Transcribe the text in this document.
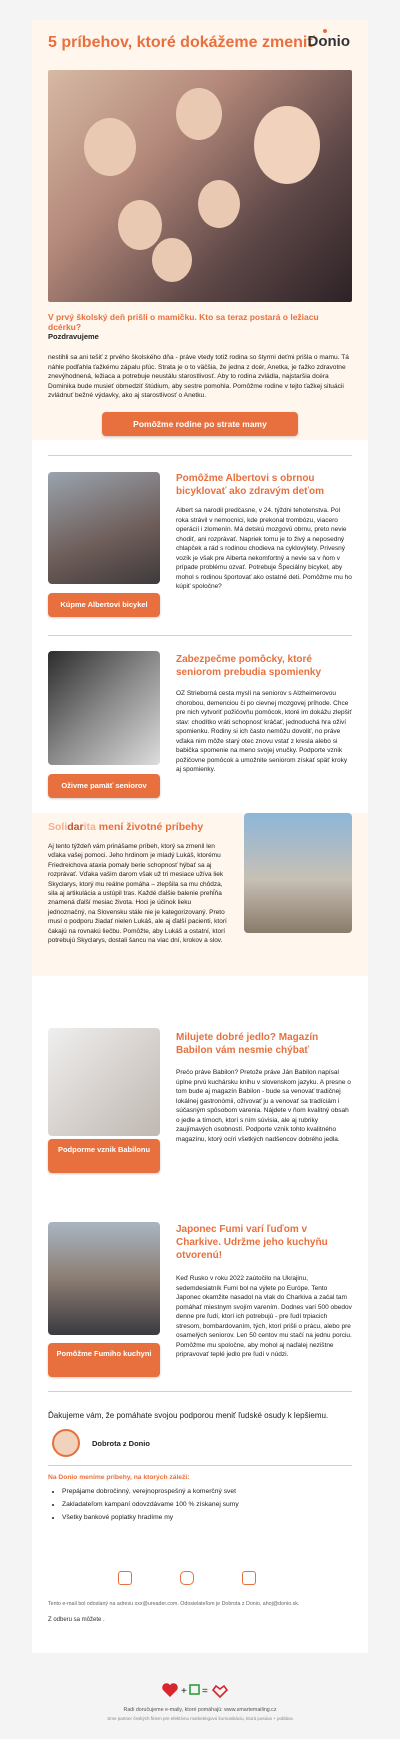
5 príbehov, ktoré dokážeme zmeniť
Donio
V prvý školský deň prišli o mamičku. Kto sa teraz postará o ležiacu dcérku?
Pozdravujeme
nestihli sa ani tešiť z prvého školského dňa - práve vtedy totiž rodina so štyrmi deťmi prišla o mamu. Tá náhle podľahla ťažkému zápalu pľúc. Strata je o to väčšia, že jedna z dcér, Anetka, je ťažko zdravotne znevýhodnená, ležiaca a potrebuje neustálu starostlivosť. Aby to rodina zvládla, najstaršia dcéra Dominika bude musieť obmedziť štúdium, aby sestre pomohla. Pomôžme rodine v tejto ťažkej situácii zvládnuť bežné výdavky, ako aj starostlivosť o Anetku.
Pomôžme rodine po strate mamy
Pomôžme Albertovi s obrnou bicyklovať ako zdravým deťom
Albert sa narodil predčasne, v 24. týždni tehotenstva. Pol roka strávil v nemocnici, kde prekonal trombózu, viacero operácií i zlomenín. Má detskú mozgovú obrnu, preto nevie chodiť, ani rozprávať. Napriek tomu je to živý a neposedný chlapček a rád s rodinou chodieva na cyklovýlety. Privesný vozík je však pre Alberta nekomfortný a nevie sa v ňom v prípade problému ozvať. Potrebuje Špeciálny bicykel, aby mohol s rodinou športovať ako ostatné deti. Pomôžme mu ho kúpiť spoločne?
Kúpme Albertovi bicykel
Zabezpečme pomôcky, ktoré seniorom prebudia spomienky
OZ Strieborná cesta myslí na seniorov s Alzheimerovou chorobou, demenciou či po cievnej mozgovej príhode. Chce pre nich vytvoriť požičovňu pomôcok, ktoré im dokážu zlepšiť stav: chodítko vráti schopnosť kráčať, jednoduchá hra oživí spomienku. Rodiny si ich často nemôžu dovoliť, no práve vďaka nim môže starý otec znovu vstať z kresla alebo si babička spomenie na meno svojej vnučky. Podporte vznik požičovne pomôcok a umožnite seniorom získať späť kroky aj spomienky.
Oživme pamäť seniorov
Solidarita mení životné príbehy
Aj tento týždeň vám prinášame príbeh, ktorý sa zmenil len vďaka vašej pomoci. Jeho hrdinom je mladý Lukáš, ktorému Friedreichova ataxia pomaly berie schopnosť hýbať sa aj rozprávať. Vďaka vašim darom však už tri mesiace užíva liek Skyclarys, ktorý mu reálne pomáha – zlepšila sa mu chôdza, sila aj artikulácia a ustúpil tras. Každé ďalšie balenie prehĺňa znamená ďalší mesiac života. Hoci je účinok lieku jednoznačný, na Slovensku stále nie je kategorizovaný. Preto musí o podporu žiadať nielen Lukáš, ale aj ďalší pacienti, ktorí čakajú na rovnakú liečbu. Pomôžte, aby Lukáš a ostatní, ktorí potrebujú Skyclarys, dostali šancu na viac dní, krokov a slov.
Milujete dobré jedlo? Magazín Babilon vám nesmie chýbať
Prečo práve Babilon? Pretože práve Ján Babilon napísal úplne prvú kuchársku knihu v slovenskom jazyku. A presne o tom bude aj magazín Babilon - bude sa venovať tradičnej lokálnej gastronómii, oživovať ju a venovať sa tradíciám i súčasným spôsobom varenia. Nájdete v ňom kvalitný obsah o jedle a tímoch, ktorí s ním súvisia, ale aj rubriky zaujímavých osobností. Podporte vznik tohto kvalitného magazínu, ktorý ocíri všetkých nadšencov dobrého jedla.
Podporme vznik Babilonu
Japonec Fumi varí ľuďom v Charkive. Udržme jeho kuchyňu otvorenú!
Keď Rusko v roku 2022 zaútočilo na Ukrajinu, sedemdesiatník Fumi bol na výlete po Európe. Tento Japonec okamžite nasadol na vlak do Charkiva a začal tam pomáhať miestnym svojím varením. Dodnes varí 500 obedov denne pre ľudí, ktorí ich potrebujú - pre ľudí trpiacich stresom, bombardovaním, tých, ktorí prišli o prácu, alebo pre osamelých seniorov. Len 50 centov mu stačí na jednu porciu. Pomôžme mu spoločne, aby mohol aj naďalej nezištne pripravovať teplé jedlo pre ľudí v núdzi.
Pomôžme Fumiho kuchyni
Ďakujeme vám, že pomáhate svojou podporou meniť ľudské osudy k lepšiemu.
Dobrota z Donio
Na Donio meníme príbehy, na ktorých záleží:
• Prepájame dobročinný, verejnoprospešný a komerčný svet
• Zakladateľom kampaní odovzdávame 100 % získanej sumy
• Všetky bankové poplatky hradíme my
Tento e-mail bol odoslaný na adresu xxx@ureader.com. Odosielateľom je Dobrota z Donio, ahoj@donio.sk.
Z odberu sa môžete .
+ =
Radi doručujeme e-maily, ktoré pomáhajú: www.smartemailing.cz
Sme partner českých firiem pre efektívnu marketingovú komunikáciu, ktorá posúva + pobláva
